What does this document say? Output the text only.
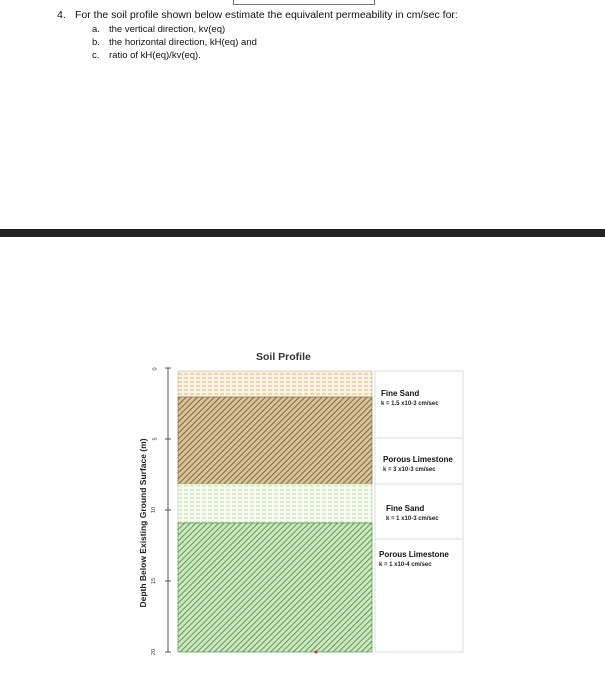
4. For the soil profile shown below estimate the equivalent permeability in cm/sec for:
a. the vertical direction, kv(eq)
b. the horizontal direction, kH(eq) and
c. ratio of kH(eq)/kv(eq).
Soil Profile
Depth Below Existing Ground Surface (m)
0
5
10
15
20
Fine Sand
k = 1.5 x10-3 cm/sec
Porous Limestone
k = 3 x10-3 cm/sec
Fine Sand
k = 1 x10-3 cm/sec
Porous Limestone
k = 1 x10-4 cm/sec
